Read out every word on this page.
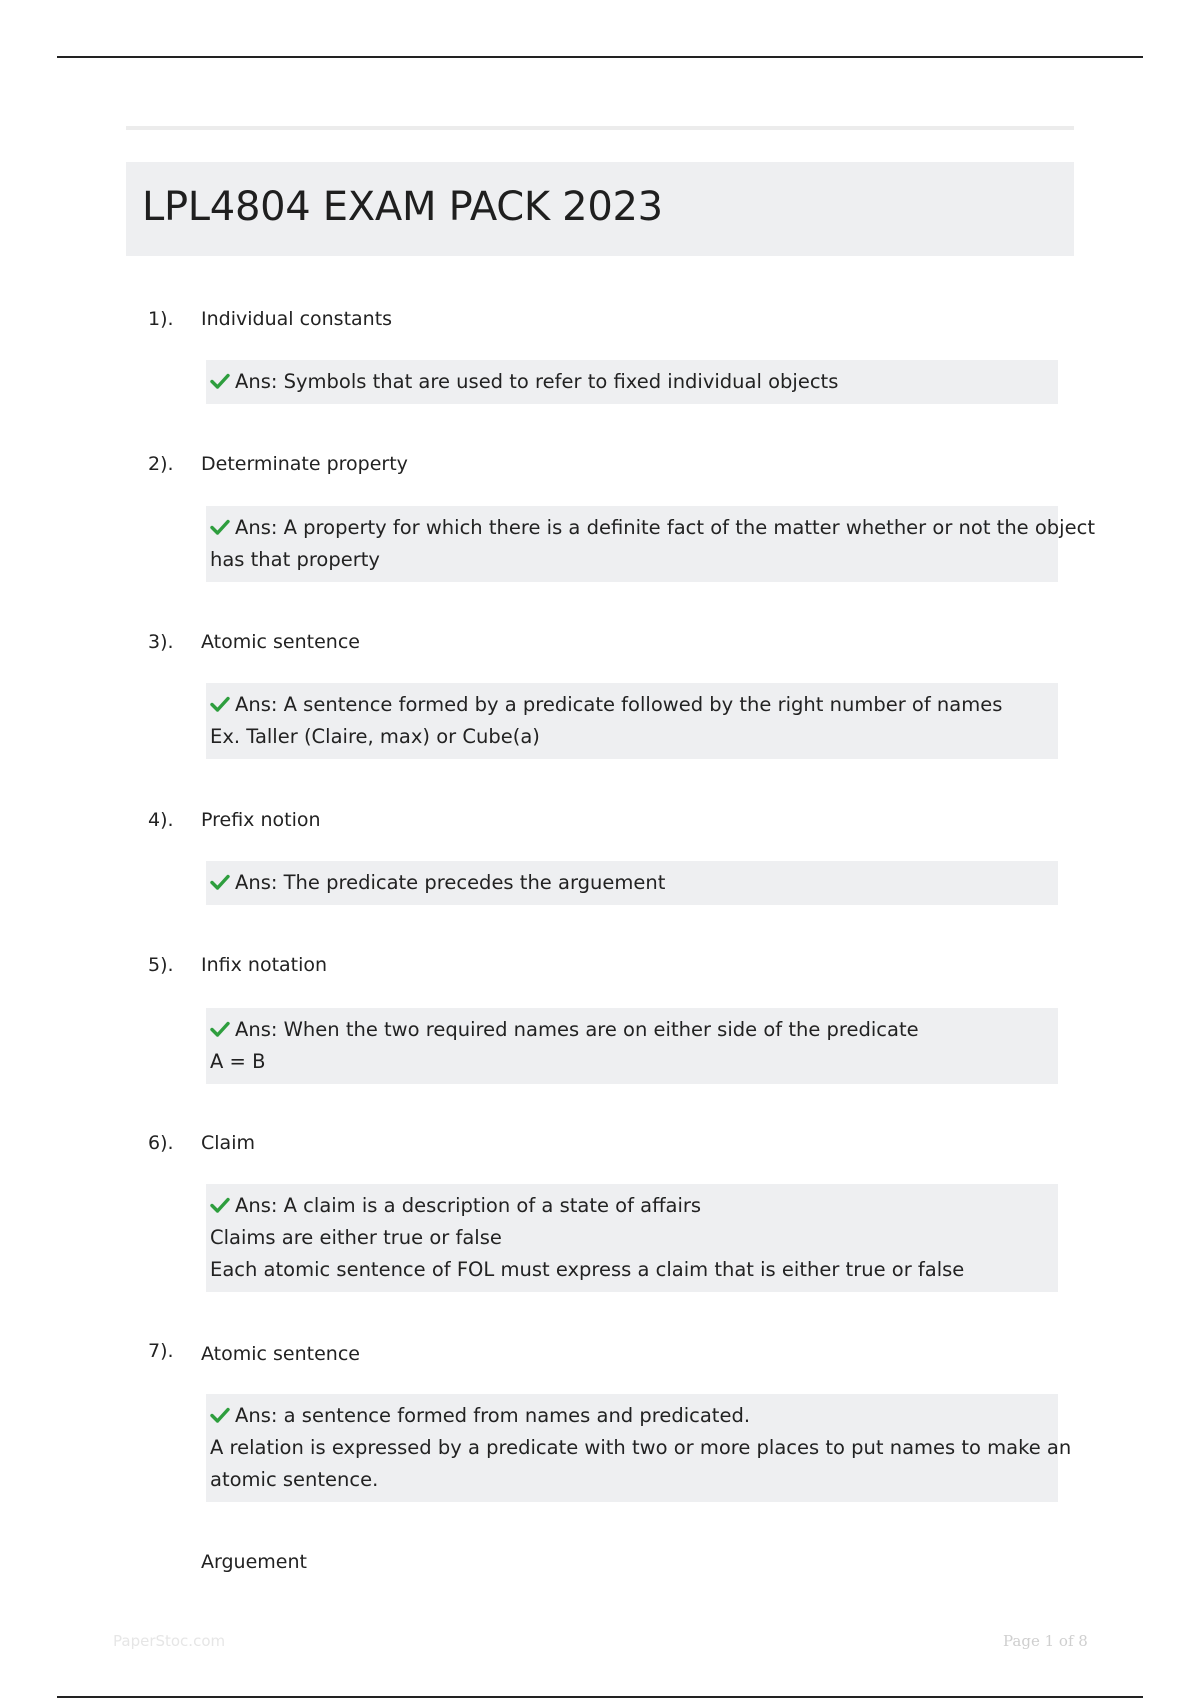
LPL4804 EXAM PACK 2023
1). Individual constants
Ans: Symbols that are used to refer to fixed individual objects
2). Determinate property
Ans: A property for which there is a definite fact of the matter whether or not the object
has that property
3). Atomic sentence
Ans: A sentence formed by a predicate followed by the right number of names
Ex. Taller (Claire, max) or Cube(a)
4). Prefix notion
Ans: The predicate precedes the arguement
5). Infix notation
Ans: When the two required names are on either side of the predicate
A = B
6). Claim
Ans: A claim is a description of a state of affairs
Claims are either true or false
Each atomic sentence of FOL must express a claim that is either true or false
7). Atomic sentence
Ans: a sentence formed from names and predicated.
A relation is expressed by a predicate with two or more places to put names to make an
atomic sentence.
Arguement
PaperStoc.com	Page 1 of 8
